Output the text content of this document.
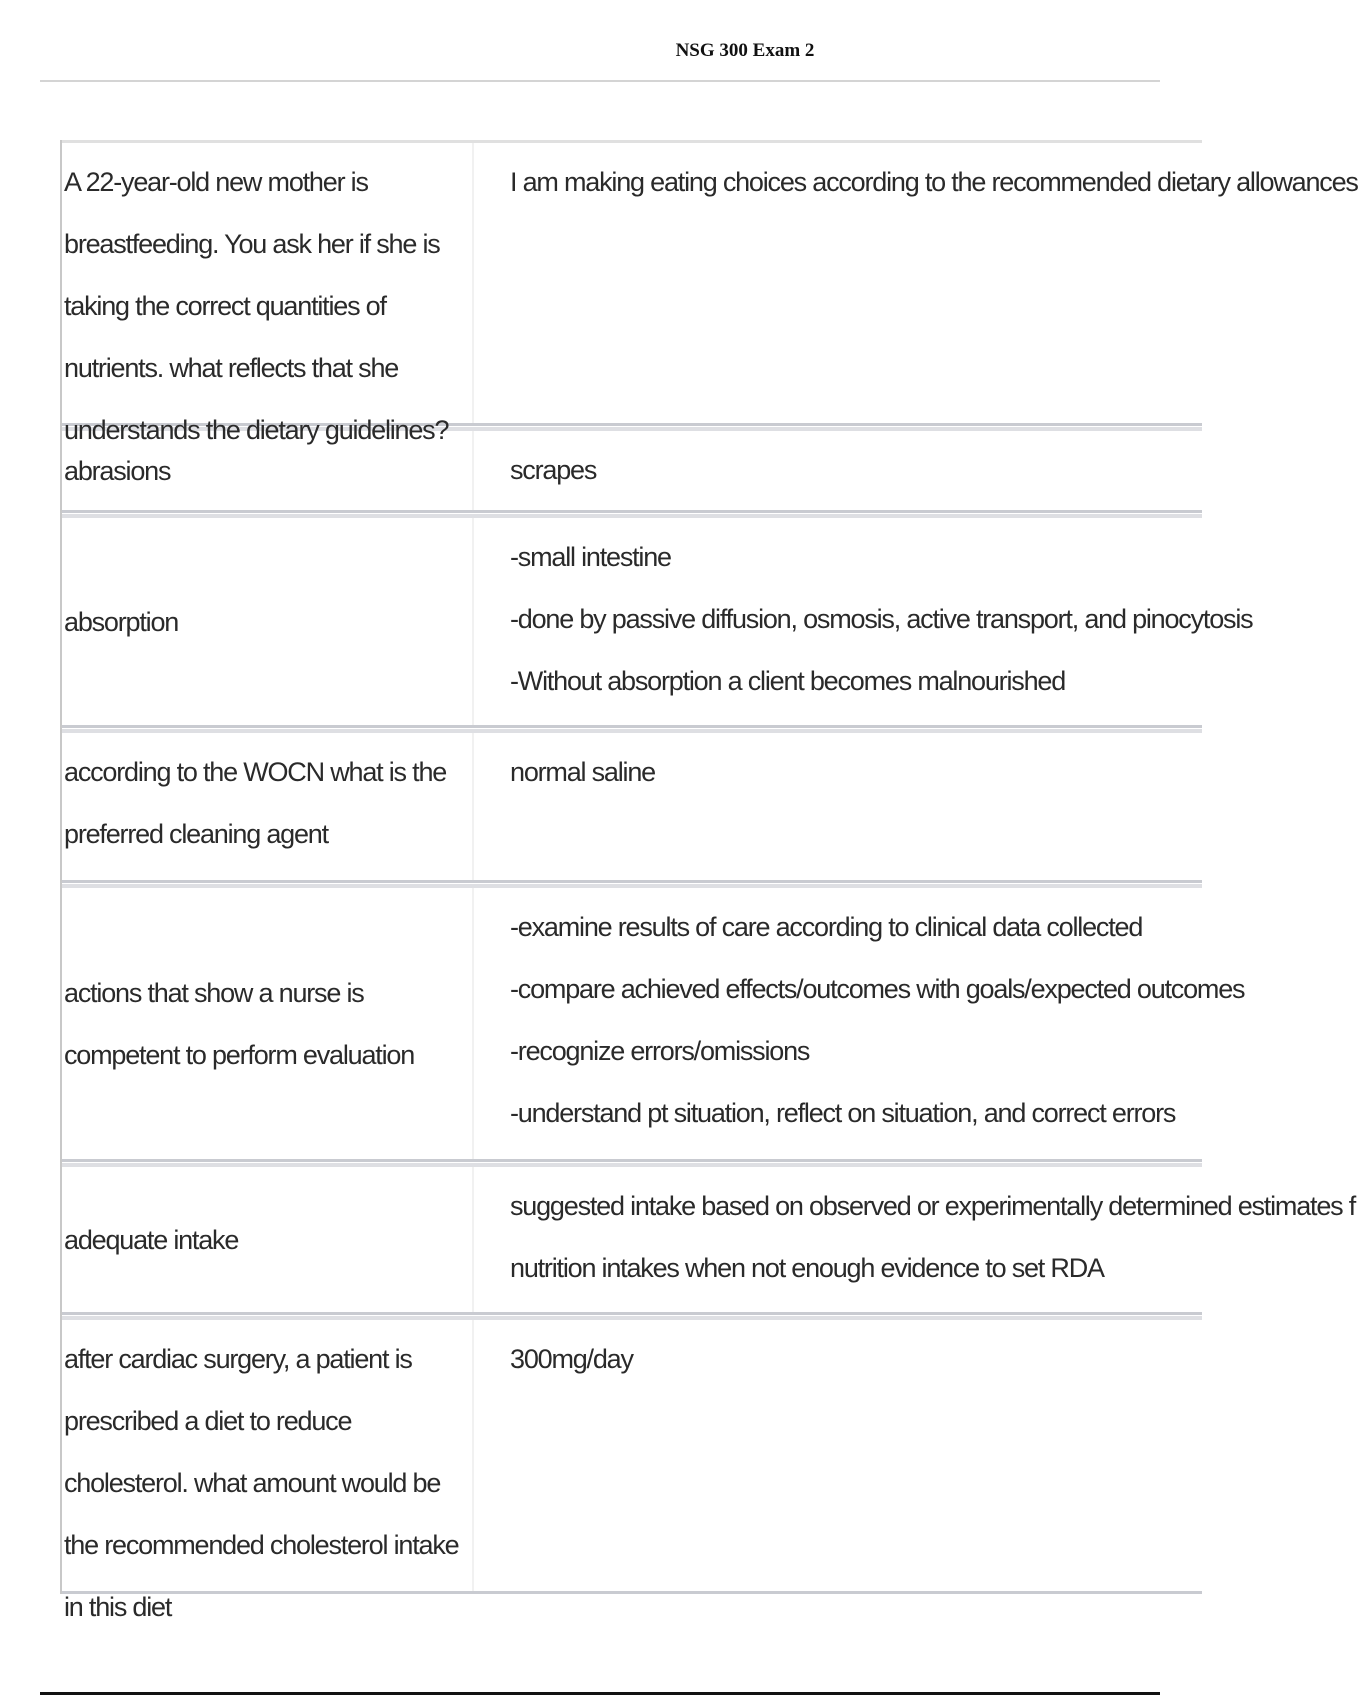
NSG 300 Exam 2
A 22-year-old new mother is breastfeeding. You ask her if she is taking the correct quantities of nutrients. what reflects that she understands the dietary guidelines?
I am making eating choices according to the recommended dietary allowances
abrasions	scrapes
absorption
-small intestine
-done by passive diffusion, osmosis, active transport, and pinocytosis
-Without absorption a client becomes malnourished
according to the WOCN what is the preferred cleaning agent
normal saline
actions that show a nurse is competent to perform evaluation
-examine results of care according to clinical data collected
-compare achieved effects/outcomes with goals/expected outcomes
-recognize errors/omissions
-understand pt situation, reflect on situation, and correct errors
adequate intake
suggested intake based on observed or experimentally determined estimates f
nutrition intakes when not enough evidence to set RDA
after cardiac surgery, a patient is prescribed a diet to reduce cholesterol. what amount would be the recommended cholesterol intake in this diet
300mg/day
